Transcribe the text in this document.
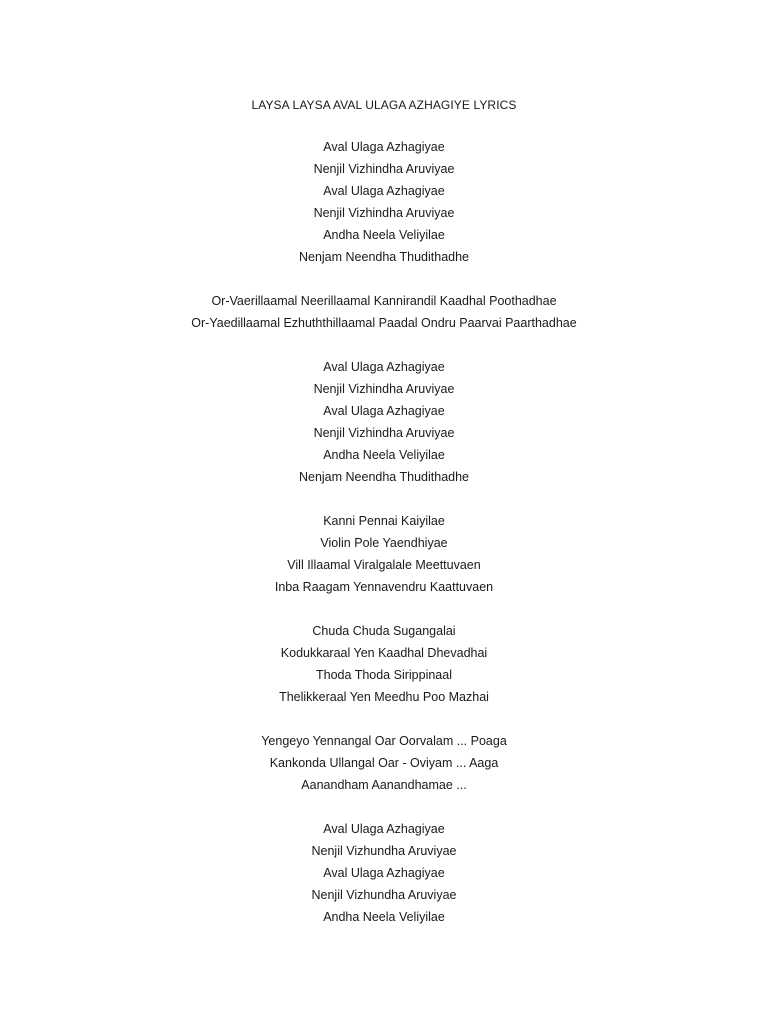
LAYSA LAYSA AVAL ULAGA AZHAGIYE LYRICS
Aval Ulaga Azhagiyae
Nenjil Vizhindha Aruviyae
Aval Ulaga Azhagiyae
Nenjil Vizhindha Aruviyae
Andha Neela Veliyilae
Nenjam Neendha Thudithadhe
Or-Vaerillaamal Neerillaamal Kannirandil Kaadhal Poothadhae
Or-Yaedillaamal Ezhuththillaamal Paadal Ondru Paarvai Paarthadhae
Aval Ulaga Azhagiyae
Nenjil Vizhindha Aruviyae
Aval Ulaga Azhagiyae
Nenjil Vizhindha Aruviyae
Andha Neela Veliyilae
Nenjam Neendha Thudithadhe
Kanni Pennai Kaiyilae
Violin Pole Yaendhiyae
Vill Illaamal Viralgalale Meettuvaen
Inba Raagam Yennavendru Kaattuvaen
Chuda Chuda Sugangalai
Kodukkaraal Yen Kaadhal Dhevadhai
Thoda Thoda Sirippinaal
Thelikkeraal Yen Meedhu Poo Mazhai
Yengeyo Yennangal Oar Oorvalam ... Poaga
Kankonda Ullangal Oar - Oviyam ... Aaga
Aanandham Aanandhamae ...
Aval Ulaga Azhagiyae
Nenjil Vizhundha Aruviyae
Aval Ulaga Azhagiyae
Nenjil Vizhundha Aruviyae
Andha Neela Veliyilae
